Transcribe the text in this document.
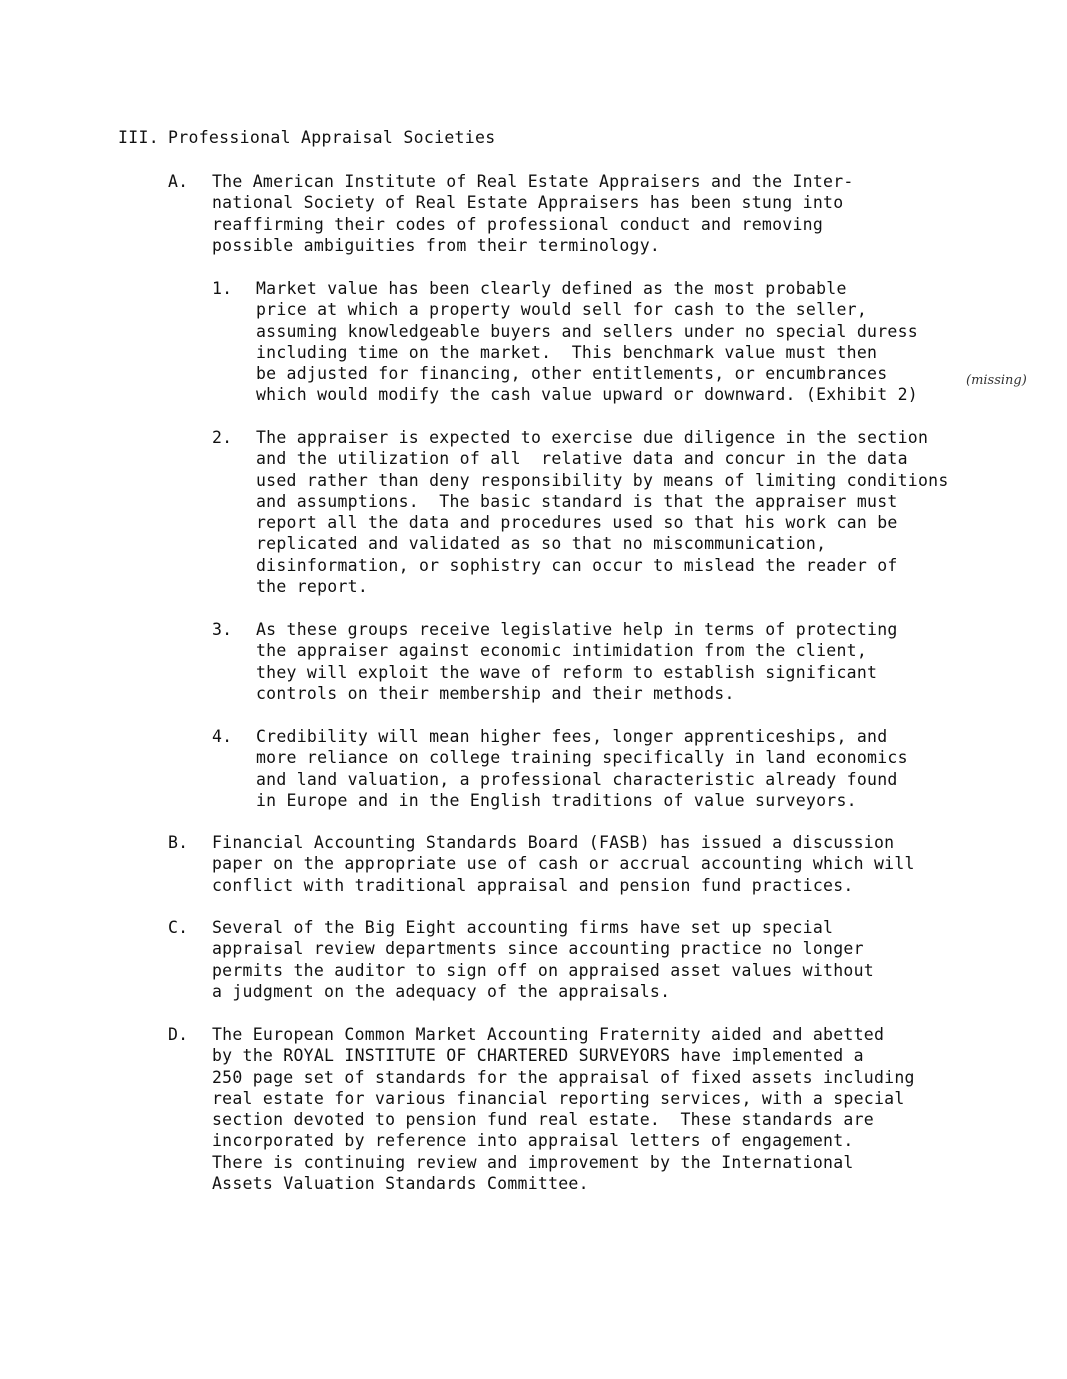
III. Professional Appraisal Societies
A. The American Institute of Real Estate Appraisers and the Inter-
national Society of Real Estate Appraisers has been stung into
reaffirming their codes of professional conduct and removing
possible ambiguities from their terminology.
1. Market value has been clearly defined as the most probable
price at which a property would sell for cash to the seller,
assuming knowledgeable buyers and sellers under no special duress
including time on the market.  This benchmark value must then
be adjusted for financing, other entitlements, or encumbrances
which would modify the cash value upward or downward. (Exhibit 2)
(missing)
2. The appraiser is expected to exercise due diligence in the section
and the utilization of all  relative data and concur in the data
used rather than deny responsibility by means of limiting conditions
and assumptions.  The basic standard is that the appraiser must
report all the data and procedures used so that his work can be
replicated and validated as so that no miscommunication,
disinformation, or sophistry can occur to mislead the reader of
the report.
3. As these groups receive legislative help in terms of protecting
the appraiser against economic intimidation from the client,
they will exploit the wave of reform to establish significant
controls on their membership and their methods.
4. Credibility will mean higher fees, longer apprenticeships, and
more reliance on college training specifically in land economics
and land valuation, a professional characteristic already found
in Europe and in the English traditions of value surveyors.
B. Financial Accounting Standards Board (FASB) has issued a discussion
paper on the appropriate use of cash or accrual accounting which will
conflict with traditional appraisal and pension fund practices.
C. Several of the Big Eight accounting firms have set up special
appraisal review departments since accounting practice no longer
permits the auditor to sign off on appraised asset values without
a judgment on the adequacy of the appraisals.
D. The European Common Market Accounting Fraternity aided and abetted
by the ROYAL INSTITUTE OF CHARTERED SURVEYORS have implemented a
250 page set of standards for the appraisal of fixed assets including
real estate for various financial reporting services, with a special
section devoted to pension fund real estate.  These standards are
incorporated by reference into appraisal letters of engagement.
There is continuing review and improvement by the International
Assets Valuation Standards Committee.
